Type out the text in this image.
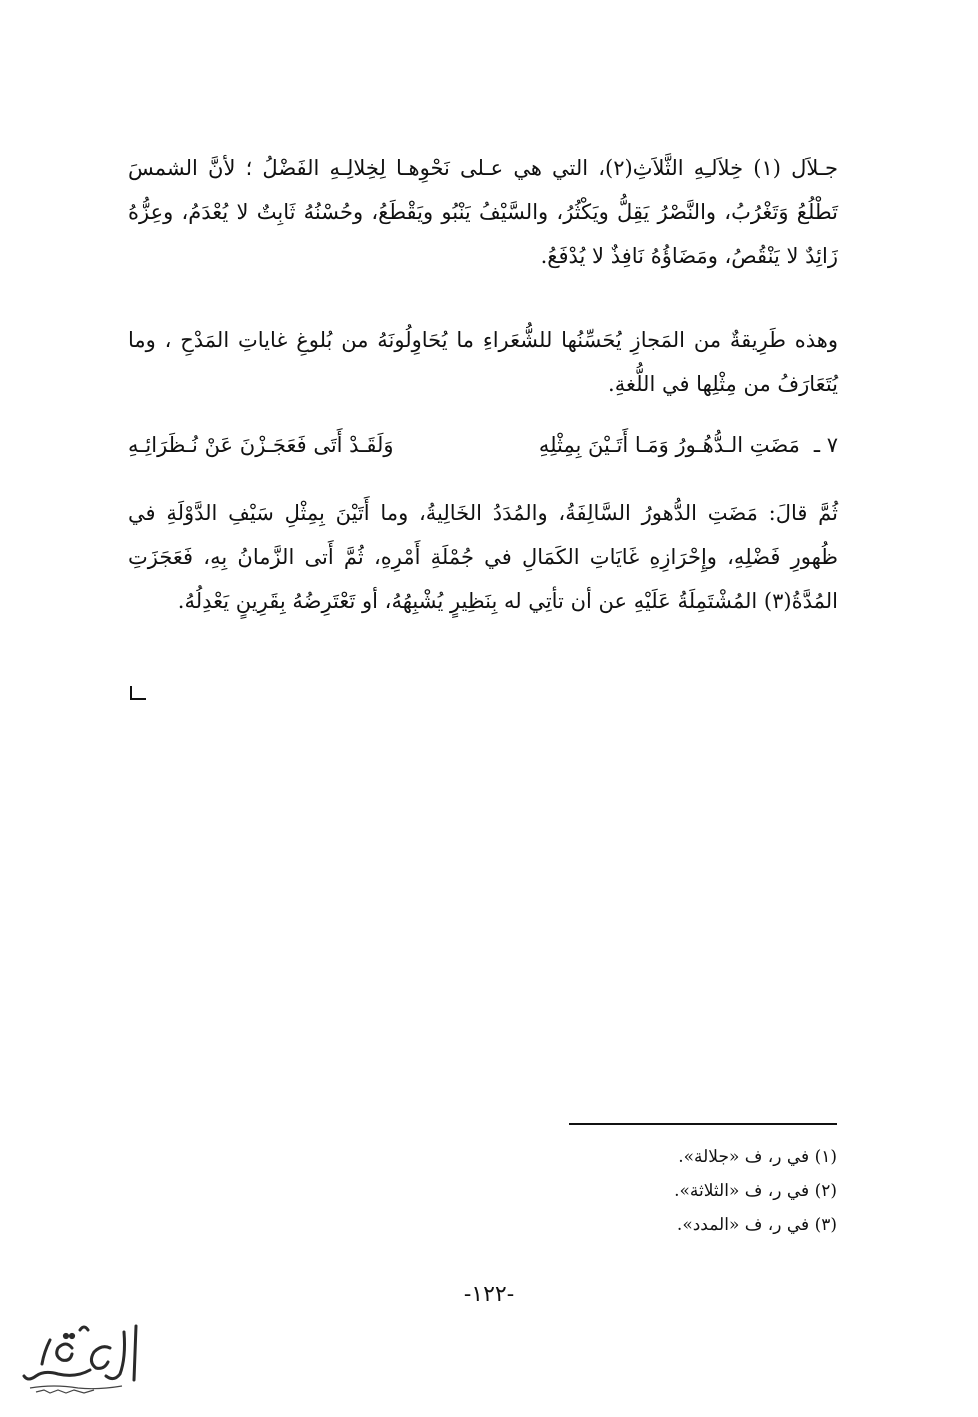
جـلاَل (١) خِلاَلـِهِ الثَّلاَثِ(٢)، التي هي عـلى نَحْوِهـا لِخِلالِـهِ الفَضْلُ ؛ لأنَّ الشمسَ تَطْلُعُ وَتَغْرُبُ، والنَّصْرُ يَقِلُّ ويَكْثُرُ، والسَّيْفُ يَنْبُو ويَقْطَعُ، وحُسْنُهُ ثَابِتٌ لا يُعْدَمُ، وعِزُّهُ زَائِدٌ لا يَنْقُصُ، ومَضَاؤُهُ نَافِذٌ لا يُدْفَعُ.

وهذه طَرِيقةٌ من المَجازِ يُحَسِّنُها للشُّعَراءِ ما يُحَاوِلُونَهُ من بُلوغِ غاياتِ المَدْحِ ، وما يُتَعَارَفُ من مِثْلِها في اللُّغةِ.

٧ ـ
مَضَتِ الـدُّهُـورُ وَمَـا أَتَـيْنَ بِمِثْلِهِ
وَلَقَـدْ أَتَى فَعَجَـزْنَ عَنْ نُـظَرَائِـهِ

ثُمَّ قالَ: مَضَتِ الدُّهورُ السَّالِفَةُ، والمُدَدُ الخَالِيةُ، وما أَتَيْنَ بِمِثْلِ سَيْفِ الدَّوْلَةِ في ظُهورِ فَضْلِهِ، وإِحْرَازِهِ غَايَاتِ الكَمَالِ في جُمْلَةِ أَمْرِهِ، ثُمَّ أَتى الزَّمانُ بِهِ، فَعَجَزَتِ المُدَّةُ(٣) المُشْتَمِلَةُ عَلَيْهِ عن أن تأتِي له بِنَظِيرٍ يُشْبِهُهُ، أو تَعْتَرِضُهُ بِقَرِينٍ يَعْدِلُهُ.

(١) في ر، ف «جلالة».
(٢) في ر، ف «الثلاثة».
(٣) في ر، ف «المدد».
-١٢٢-
